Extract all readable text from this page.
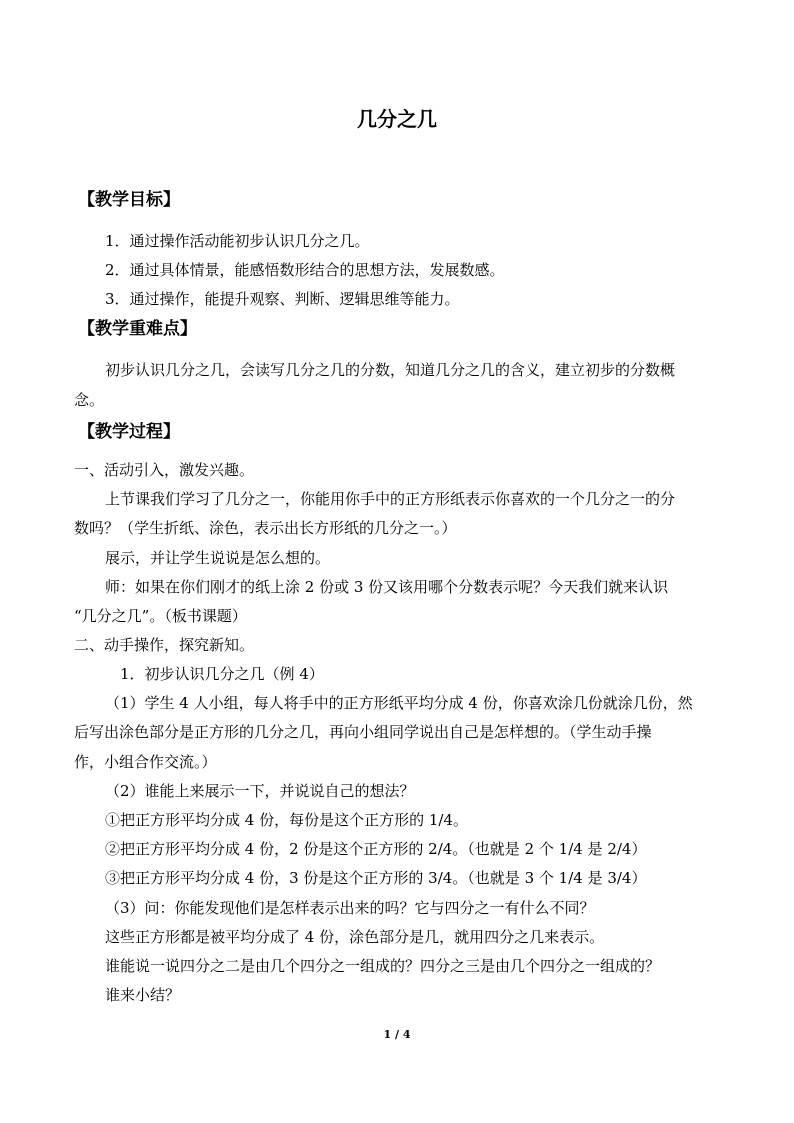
几分之几
【教学目标】
1．通过操作活动能初步认识几分之几。
2．通过具体情景，能感悟数形结合的思想方法，发展数感。
3．通过操作，能提升观察、判断、逻辑思维等能力。
【教学重难点】
初步认识几分之几，会读写几分之几的分数，知道几分之几的含义，建立初步的分数概
念。
【教学过程】
一、活动引入，激发兴趣。
上节课我们学习了几分之一，你能用你手中的正方形纸表示你喜欢的一个几分之一的分
数吗？（学生折纸、涂色，表示出长方形纸的几分之一。）
展示，并让学生说说是怎么想的。
师：如果在你们刚才的纸上涂 2 份或 3 份又该用哪个分数表示呢？今天我们就来认识
“几分之几”。（板书课题）
二、动手操作，探究新知。
1．初步认识几分之几（例 4）
（1）学生 4 人小组，每人将手中的正方形纸平均分成 4 份，你喜欢涂几份就涂几份，然
后写出涂色部分是正方形的几分之几，再向小组同学说出自己是怎样想的。（学生动手操
作，小组合作交流。）
（2）谁能上来展示一下，并说说自己的想法？
①把正方形平均分成 4 份，每份是这个正方形的 1/4。
②把正方形平均分成 4 份，2 份是这个正方形的 2/4。（也就是 2 个 1/4 是 2/4）
③把正方形平均分成 4 份，3 份是这个正方形的 3/4。（也就是 3 个 1/4 是 3/4）
（3）问：你能发现他们是怎样表示出来的吗？它与四分之一有什么不同？
这些正方形都是被平均分成了 4 份，涂色部分是几，就用四分之几来表示。
谁能说一说四分之二是由几个四分之一组成的？四分之三是由几个四分之一组成的？
谁来小结？
1 / 4
